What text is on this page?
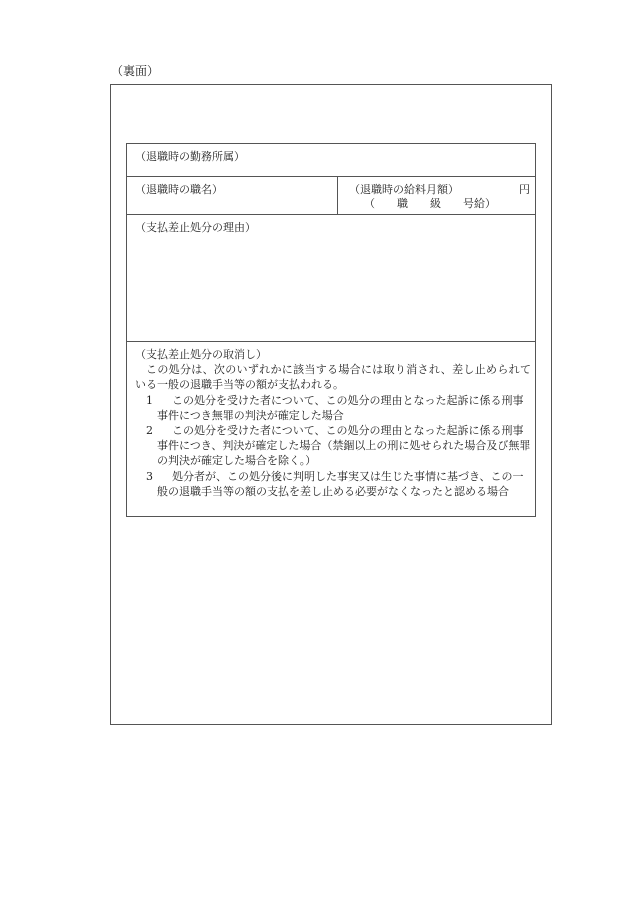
（裏面）
（退職時の勤務所属）
（退職時の職名）	（退職時の給料月額）	円
（　　職　　級　　号給）
（支払差止処分の理由）

（支払差止処分の取消し）

この処分は、次のいずれかに該当する場合には取り消され、差し止められている一般の退職手当等の額が支払われる。

1 この処分を受けた者について、この処分の理由となった起訴に係る刑事事件につき無罪の判決が確定した場合

2 この処分を受けた者について、この処分の理由となった起訴に係る刑事事件につき、判決が確定した場合（禁錮以上の刑に処せられた場合及び無罪の判決が確定した場合を除く。）

3 処分者が、この処分後に判明した事実又は生じた事情に基づき、この一般の退職手当等の額の支払を差し止める必要がなくなったと認める場合
